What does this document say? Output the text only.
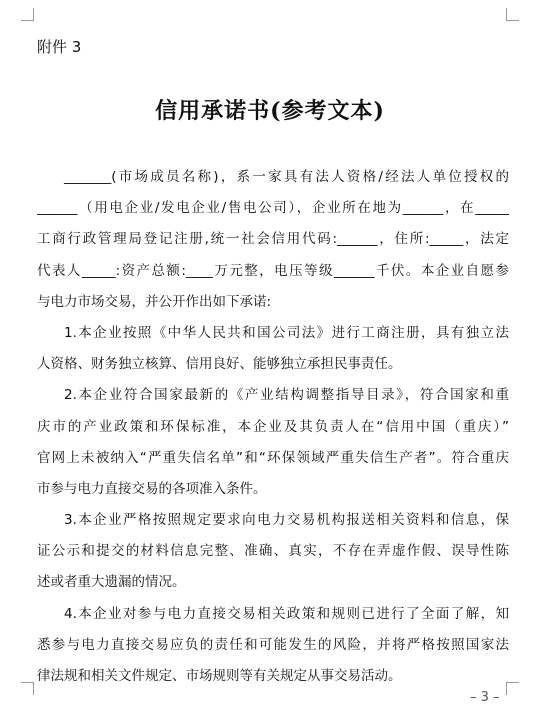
附件 3
信用承诺书(参考文本)
_______(市场成员名称)，系一家具有法人资格/经法人单位授权的
______（用电企业/发电企业/售电公司），企业所在地为______，在_____
工商行政管理局登记注册,统一社会信用代码:______，住所:_____，法定
代表人_____:资产总额:____万元整，电压等级______千伏。本企业自愿参
与电力市场交易，并公开作出如下承诺:
1.本企业按照《中华人民共和国公司法》进行工商注册，具有独立法
人资格、财务独立核算、信用良好、能够独立承担民事责任。
2.本企业符合国家最新的《产业结构调整指导目录》，符合国家和重
庆市的产业政策和环保标准，本企业及其负责人在“信用中国（重庆）”
官网上未被纳入“严重失信名单”和“环保领域严重失信生产者”。符合重庆
市参与电力直接交易的各项准入条件。
3.本企业严格按照规定要求向电力交易机构报送相关资料和信息，保
证公示和提交的材料信息完整、准确、真实，不存在弄虚作假、误导性陈
述或者重大遗漏的情况。
4.本企业对参与电力直接交易相关政策和规则已进行了全面了解，知
悉参与电力直接交易应负的责任和可能发生的风险，并将严格按照国家法
律法规和相关文件规定、市场规则等有关规定从事交易活动。
– 3 –
